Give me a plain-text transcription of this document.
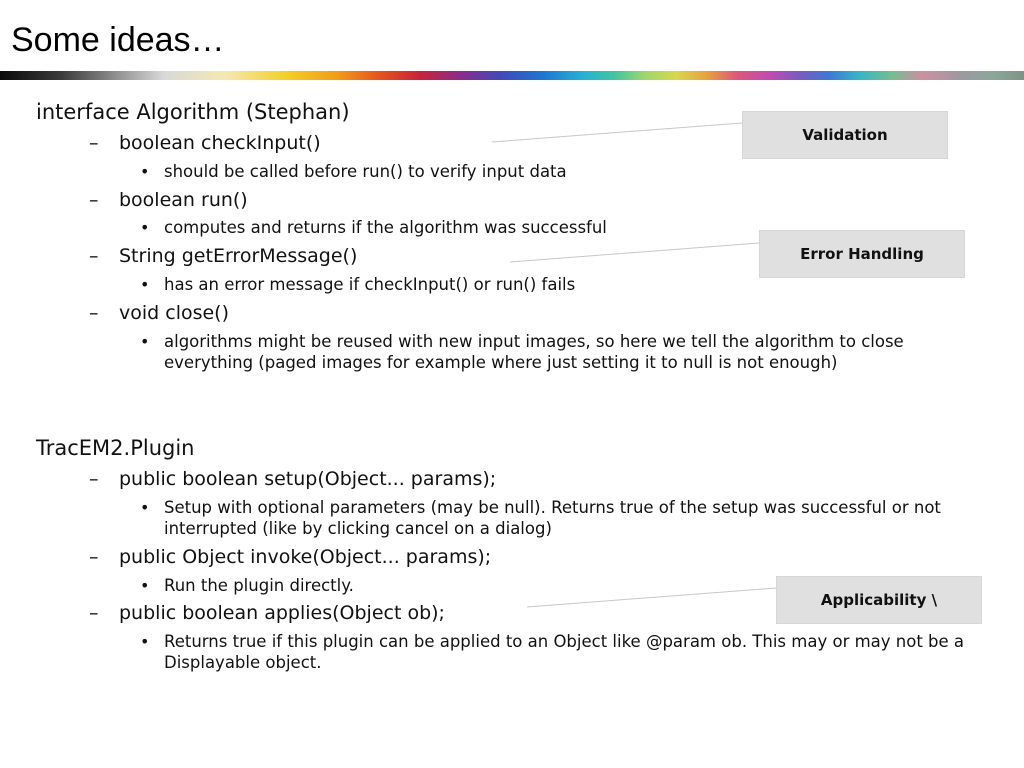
Some ideas…
interface Algorithm (Stephan)
– boolean checkInput()
• should be called before run() to verify input data
– boolean run()
• computes and returns if the algorithm was successful
– String getErrorMessage()
• has an error message if checkInput() or run() fails
– void close()
• algorithms might be reused with new input images, so here we tell the algorithm to close everything (paged images for example where just setting it to null is not enough)
TracEM2.Plugin
– public boolean setup(Object... params);
• Setup with optional parameters (may be null). Returns true of the setup was successful or not interrupted (like by clicking cancel on a dialog)
– public Object invoke(Object... params);
• Run the plugin directly.
– public boolean applies(Object ob);
• Returns true if this plugin can be applied to an Object like @param ob. This may or may not be a Displayable object.
Validation
Error Handling
Applicability \
